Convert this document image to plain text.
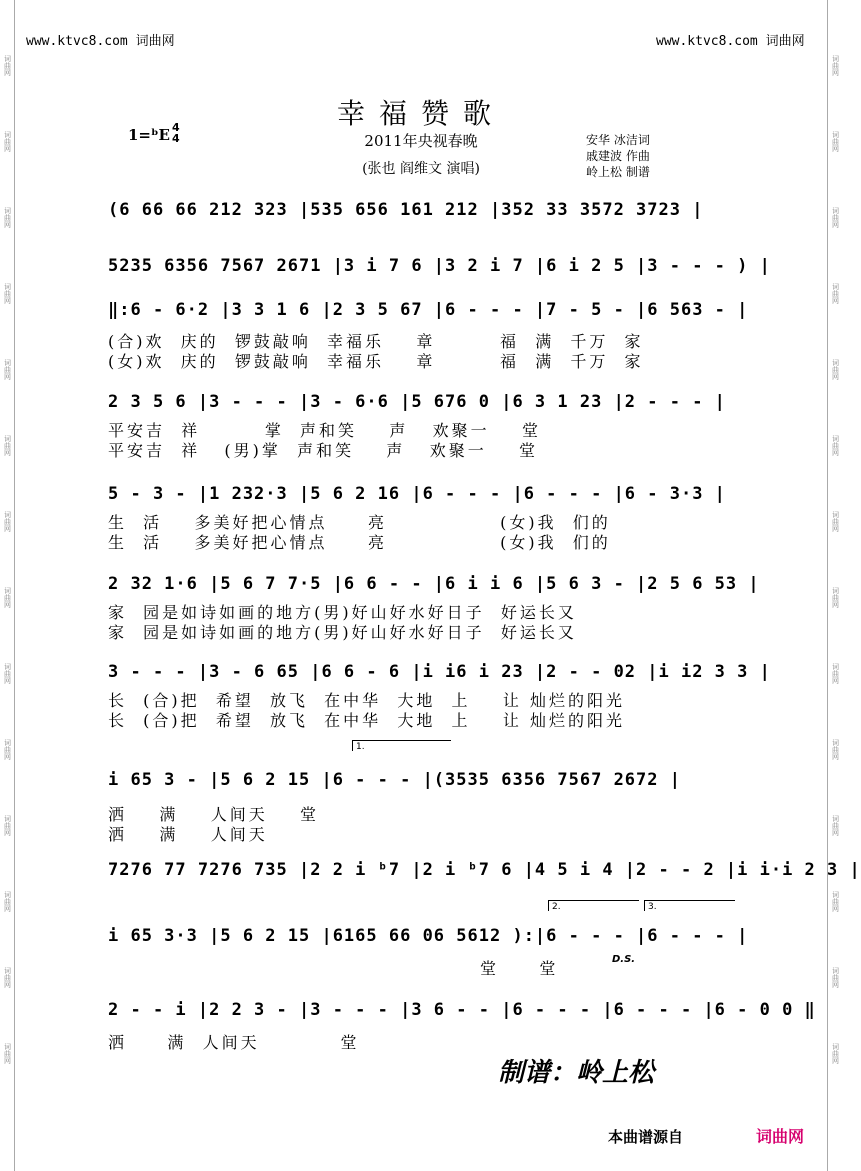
词曲网
词曲网
词曲网
词曲网
词曲网
词曲网
词曲网
词曲网
词曲网
词曲网
词曲网
词曲网
词曲网
词曲网
词曲网
词曲网
词曲网
词曲网
词曲网
词曲网
词曲网
词曲网
词曲网
词曲网
词曲网
词曲网
词曲网
词曲网
www.ktvc8.com 词曲网	www.ktvc8.com 词曲网
幸福赞歌
2011年央视春晚
(张也 阎维文 演唱)
1=ᵇE 4
4	安华 冰洁词
戚建波 作曲
岭上松 制谱
(6 66 66 212 323 |535 656 161 212 |352 33 3572 3723 |
5235 6356 7567 2671 |3 i 7 6 |3 2 i 7 |6 i 2 5 |3 - - - ) |
‖:6 - 6·2 |3 3 1 6 |2 3 5 67 |6 - - - |7 - 5 - |6 563 - |
(合)欢  庆的  锣鼓敲响  幸福乐    章        福  满  千万  家
(女)欢  庆的  锣鼓敲响  幸福乐    章        福  满  千万  家
2 3 5 6 |3 - - - |3 - 6·6 |5 676 0 |6 3 1 23 |2 - - - |
平安吉  祥        掌  声和笑    声   欢聚一    堂
平安吉  祥   (男)掌  声和笑    声   欢聚一    堂
5 - 3 - |1 232·3 |5 6 2 16 |6 - - - |6 - - - |6 - 3·3 |
生  活    多美好把心情点     亮              (女)我  们的
生  活    多美好把心情点     亮              (女)我  们的
2 32 1·6 |5 6 7 7·5 |6 6 - - |6 i i 6 |5 6 3 - |2 5 6 53 |
家  园是如诗如画的地方(男)好山好水好日子  好运长又
家  园是如诗如画的地方(男)好山好水好日子  好运长又
3 - - - |3 - 6 65 |6 6 - 6 |i i6 i 23 |2 - - 02 |i i2 3 3 |
长  (合)把  希望  放飞  在中华  大地  上    让 灿烂的阳光
长  (合)把  希望  放飞  在中华  大地  上    让 灿烂的阳光
i 65 3 - |5 6 2 15 |6 - - - |(3535 6356 7567 2672 |
洒    满    人间天    堂
洒    满    人间天
1.
7276 77 7276 735 |2 2 i ᵇ7 |2 i ᵇ7 6 |4 5 i 4 |2 - - 2 |i i·i 2 3 |
2.	3.
i 65 3·3 |5 6 2 15 |6165 66 06 5612 ):|6 - - - |6 - - - |
堂     堂	D.S.
2 - - i |2 2 3 - |3 - - - |3 6 - - |6 - - - |6 - - - |6 - 0 0 ‖
洒     满  人间天          堂
制谱：岭上松
本曲谱源自	词曲网
